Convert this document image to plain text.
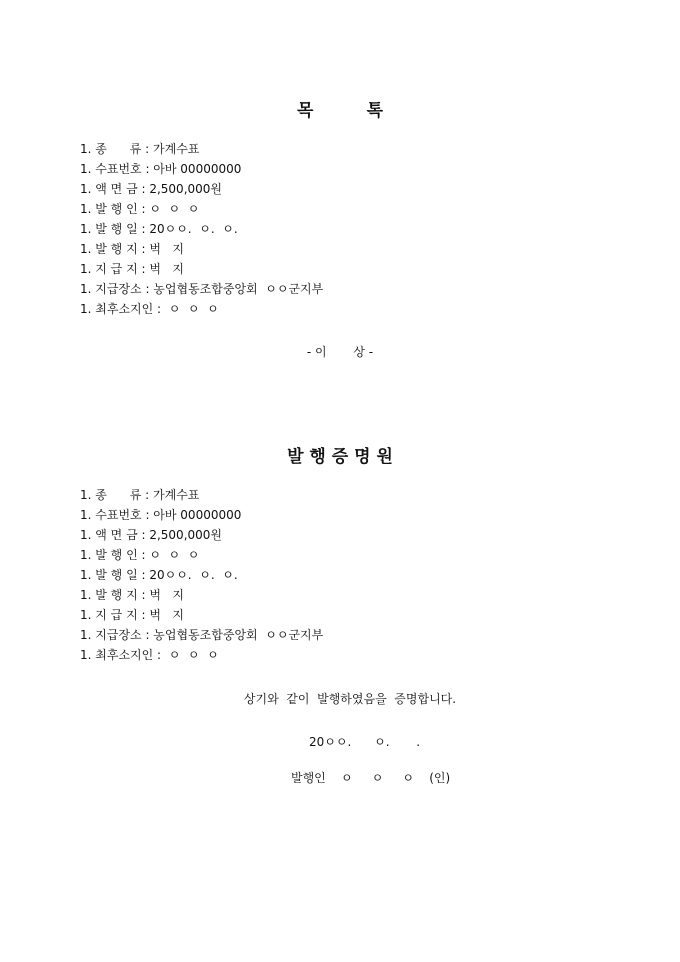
목         톡
1. 종      류 : 가계수표
1. 수표번호 : 아바 00000000
1. 액 면 금 : 2,500,000원
1. 발 행 인 : ㅇ  ㅇ  ㅇ
1. 발 행 일 : 20ㅇㅇ.  ㅇ.  ㅇ.
1. 발 행 지 : 벅   지
1. 지 급 지 : 벅   지
1. 지급장소 : 농업협동조합중앙회  ㅇㅇ군지부
1. 최후소지인 :  ㅇ  ㅇ  ㅇ
- 이       상 -
발 행 증 명 원
1. 종      류 : 가계수표
1. 수표번호 : 아바 00000000
1. 액 면 금 : 2,500,000원
1. 발 행 인 : ㅇ  ㅇ  ㅇ
1. 발 행 일 : 20ㅇㅇ.  ㅇ.  ㅇ.
1. 발 행 지 : 벅   지
1. 지 급 지 : 벅   지
1. 지급장소 : 농업협동조합중앙회  ㅇㅇ군지부
1. 최후소지인 :  ㅇ  ㅇ  ㅇ
상기와  같이  발행하였음을  증명합니다.
20ㅇㅇ.      ㅇ.       .
발행인    ㅇ     ㅇ     ㅇ    (인)
